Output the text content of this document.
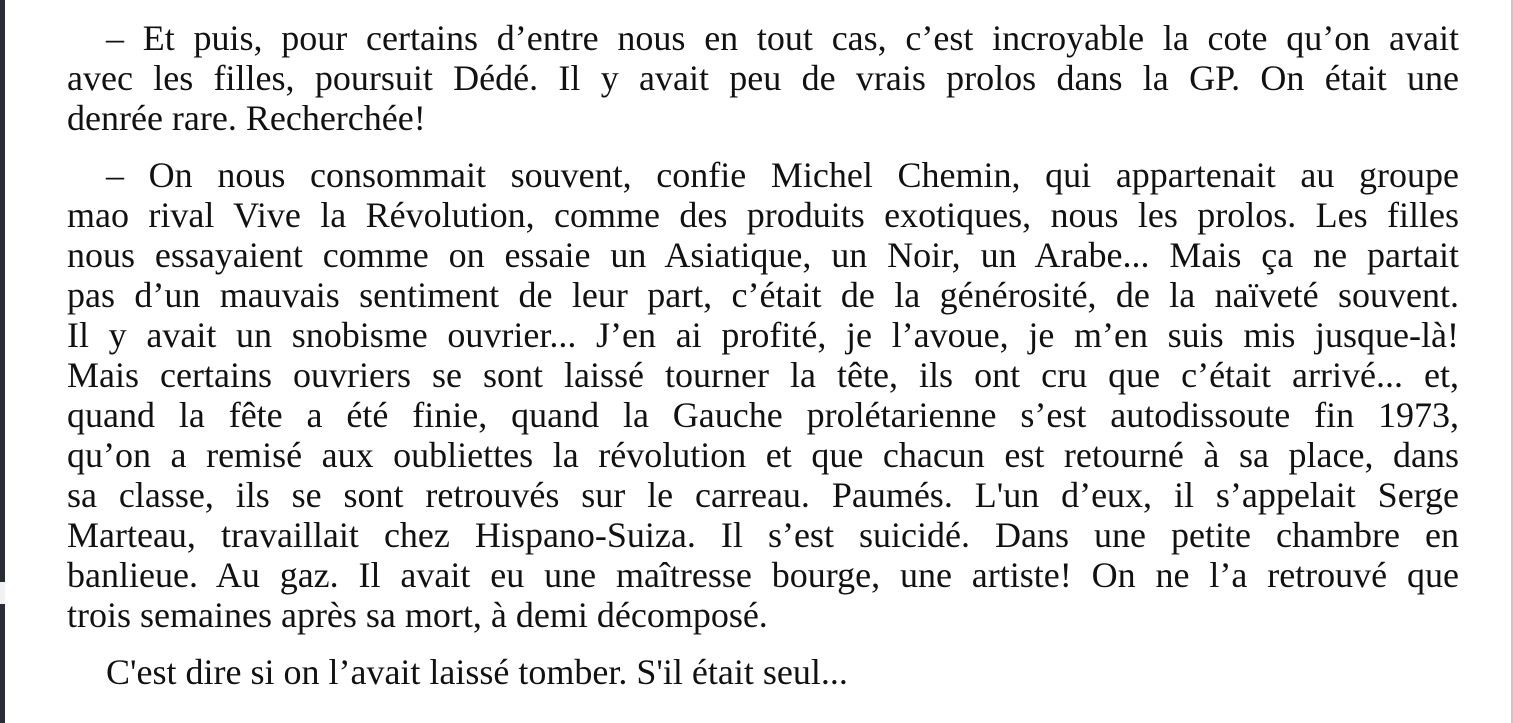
– Et puis, pour certains d’entre nous en tout cas, c’est incroyable la cote qu’on avait
avec les filles, poursuit Dédé. Il y avait peu de vrais prolos dans la GP. On était une
denrée rare. Recherchée!
– On nous consommait souvent, confie Michel Chemin, qui appartenait au groupe
mao rival Vive la Révolution, comme des produits exotiques, nous les prolos. Les filles
nous essayaient comme on essaie un Asiatique, un Noir, un Arabe... Mais ça ne partait
pas d’un mauvais sentiment de leur part, c’était de la générosité, de la naïveté souvent.
Il y avait un snobisme ouvrier... J’en ai profité, je l’avoue, je m’en suis mis jusque-là!
Mais certains ouvriers se sont laissé tourner la tête, ils ont cru que c’était arrivé... et,
quand la fête a été finie, quand la Gauche prolétarienne s’est autodissoute fin 1973,
qu’on a remisé aux oubliettes la révolution et que chacun est retourné à sa place, dans
sa classe, ils se sont retrouvés sur le carreau. Paumés. L'un d’eux, il s’appelait Serge
Marteau, travaillait chez Hispano-Suiza. Il s’est suicidé. Dans une petite chambre en
banlieue. Au gaz. Il avait eu une maîtresse bourge, une artiste! On ne l’a retrouvé que
trois semaines après sa mort, à demi décomposé.
C'est dire si on l’avait laissé tomber. S'il était seul...
